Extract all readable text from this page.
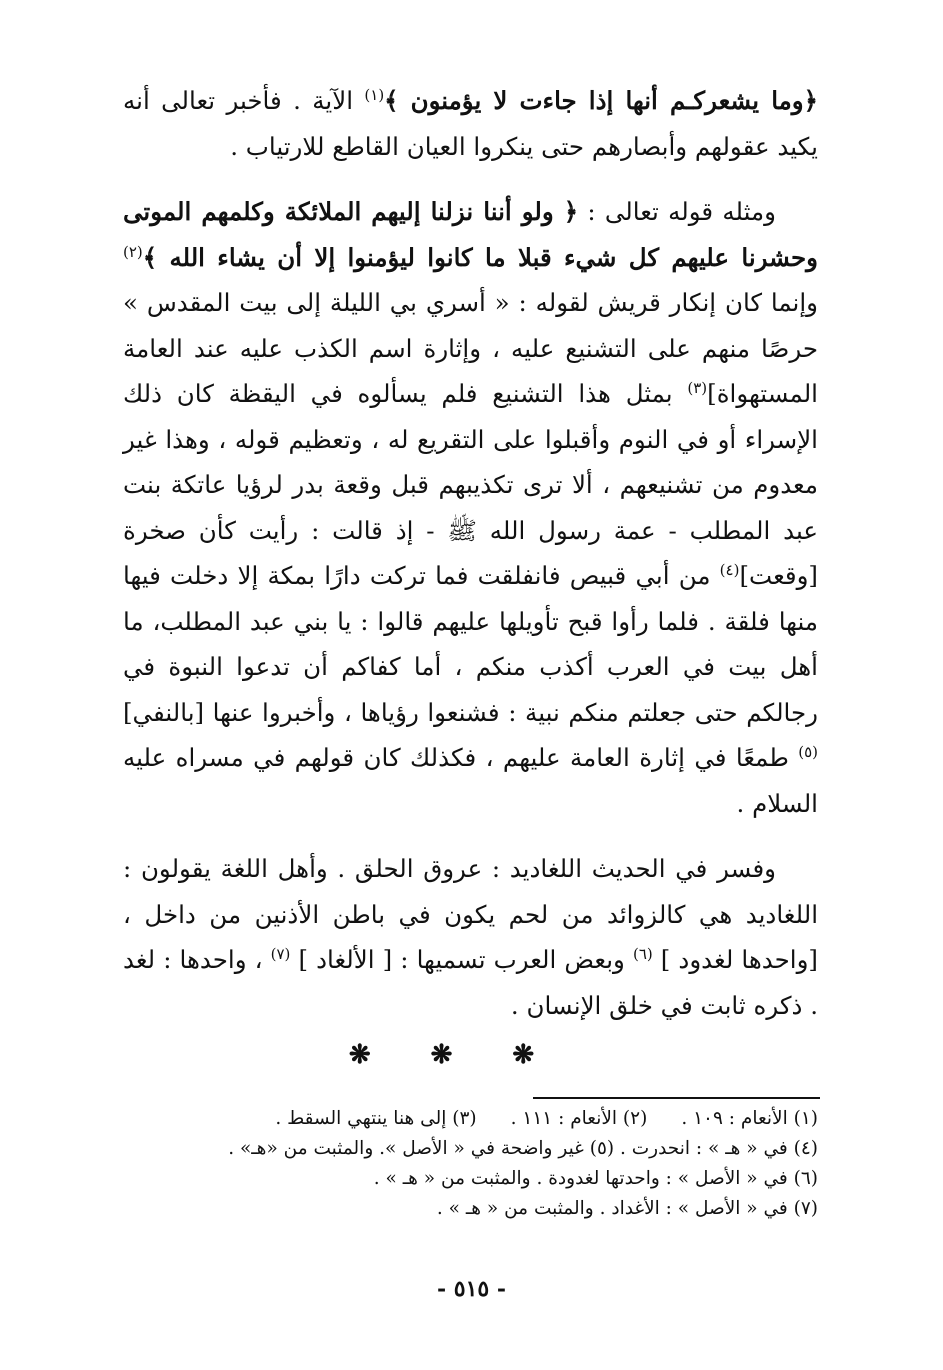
﴿وما يشعركـم أنها إذا جاءت لا يؤمنون ﴾$^{(١)}$ الآية . فأخبر تعالى أنه يكيد عقولهم وأبصارهم حتى ينكروا العيان القاطع للارتياب .

ومثله قوله تعالى : ﴿ ولو أننا نزلنا إليهم الملائكة وكلمهم الموتى وحشرنا عليهم كل شيء قبلا ما كانوا ليؤمنوا إلا أن يشاء الله ﴾$^{(٢)}$ وإنما كان إنكار قريش لقوله : « أسري بي الليلة إلى بيت المقدس » حرصًا منهم على التشنيع عليه ، وإثارة اسم الكذب عليه عند العامة المستهواة]$^{(٣)}$ بمثل هذا التشنيع فلم يسألوه في اليقظة كان ذلك الإسراء أو في النوم وأقبلوا على التقريع له ، وتعظيم قوله ، وهذا غير معدوم من تشنيعهم ، ألا ترى تكذيبهم قبل وقعة بدر لرؤيا عاتكة بنت عبد المطلب - عمة رسول الله ﷺ - إذ قالت : رأيت كأن صخرة [وقعت]$^{(٤)}$ من أبي قبيص فانفلقت فما تركت دارًا بمكة إلا دخلت فيها منها فلقة . فلما رأوا قبح تأويلها عليهم قالوا : يا بني عبد المطلب، ما أهل بيت في العرب أكذب منكم ، أما كفاكم أن تدعوا النبوة في رجالكم حتى جعلتم منكم نبية : فشنعوا رؤياها ، وأخبروا عنها [بالنفي]$^{(٥)}$ طمعًا في إثارة العامة عليهم ، فكذلك كان قولهم في مسراه عليه السلام .

وفسر في الحديث اللغاديد : عروق الحلق . وأهل اللغة يقولون : اللغاديد هي كالزوائد من لحم يكون في باطن الأذنين من داخل ، [واحدها لغدود ] $^{(٦)}$ وبعض العرب تسميها : [ الألغاد ] $^{(٧)}$ ، واحدها : لغد . ذكره ثابت في خلق الإنسان .

❋❋❋
(١) الأنعام : ١٠٩ .(٢) الأنعام : ١١١ .(٣) إلى هنا ينتهي السقط .
(٤) في « هـ » : انحدرت . (٥) غير واضحة في « الأصل ». والمثبت من «هـ» .
(٦) في « الأصل » : واحدتها لغدودة . والمثبت من « هـ » .
(٧) في « الأصل » : الأغداد . والمثبت من « هـ » .
- ٥١٥ -
